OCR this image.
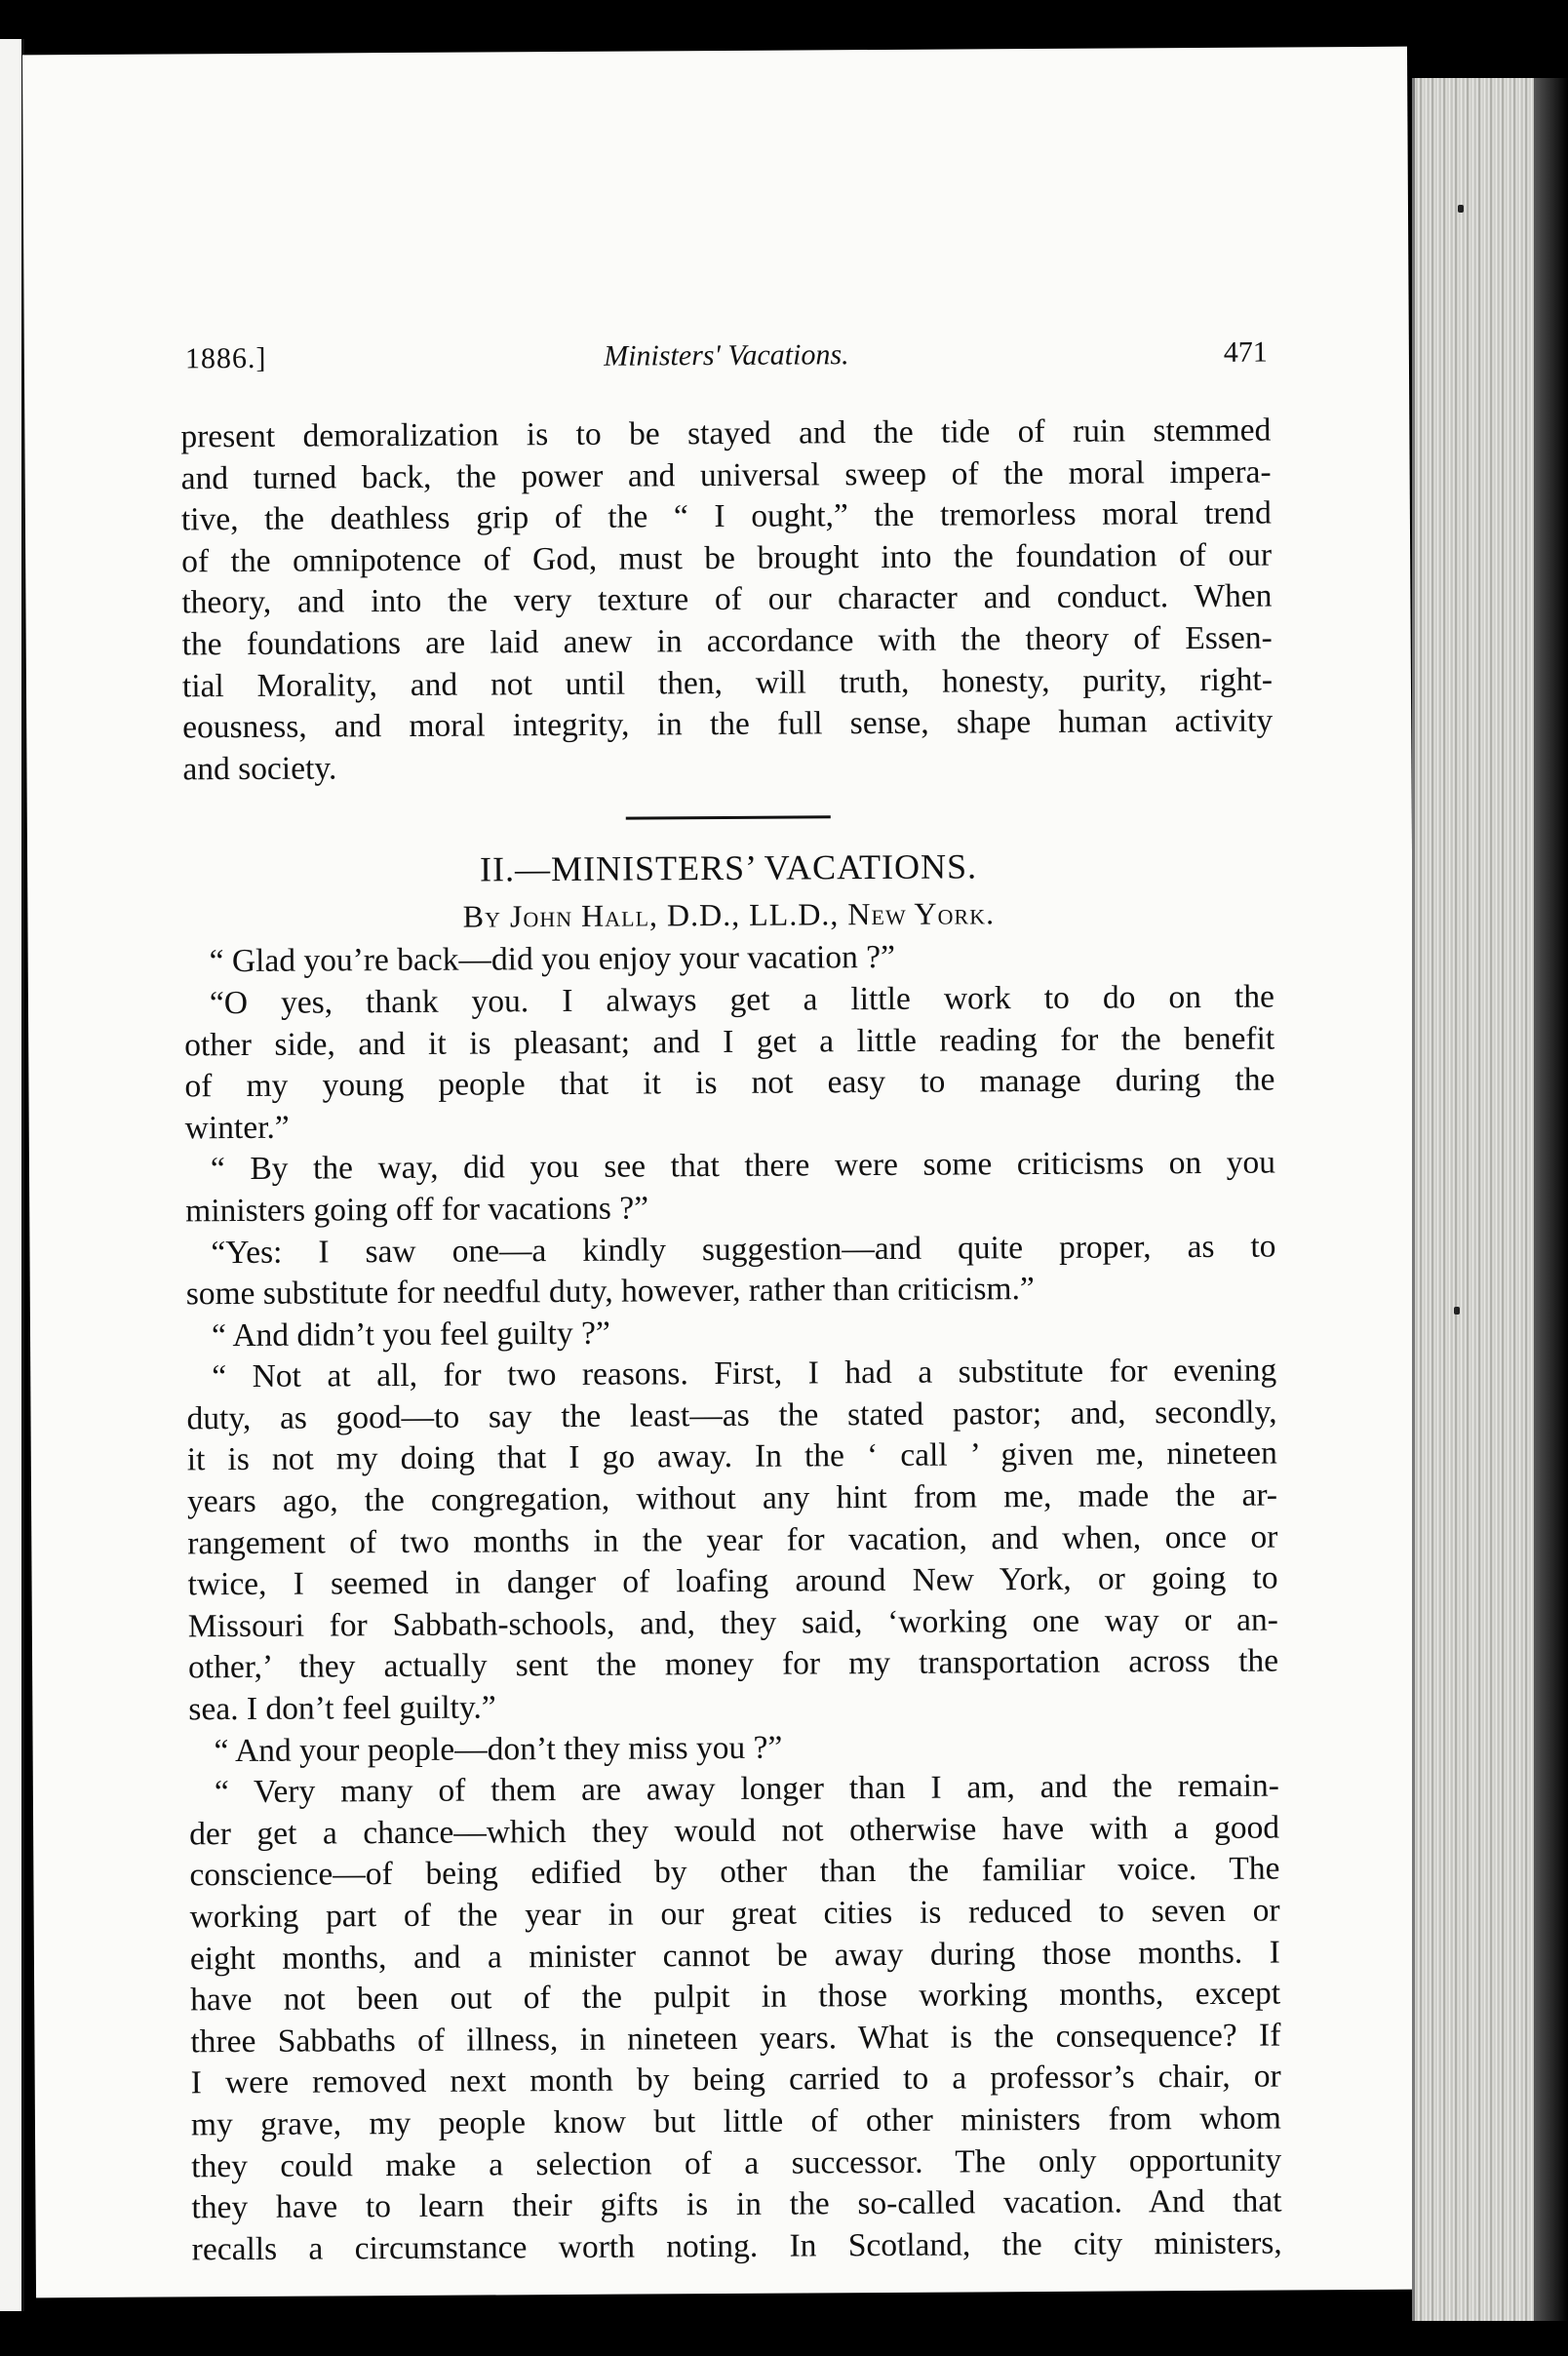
1886.]	Ministers' Vacations.	471
present demoralization is to be stayed and the tide of ruin stemmed
and turned back, the power and universal sweep of the moral impera-
tive, the deathless grip of the “ I ought,” the tremorless moral trend
of the omnipotence of God, must be brought into the foundation of our
theory, and into the very texture of our character and conduct. When
the foundations are laid anew in accordance with the theory of Essen-
tial Morality, and not until then, will truth, honesty, purity, right-
eousness, and moral integrity, in the full sense, shape human activity
and society.
II.—MINISTERS’ VACATIONS.
By John Hall, D.D., LL.D., New York.
“ Glad you’re back—did you enjoy your vacation ?”
“O yes, thank you. I always get a little work to do on the
other side, and it is pleasant; and I get a little reading for the benefit
of my young people that it is not easy to manage during the
winter.”
“ By the way, did you see that there were some criticisms on you
ministers going off for vacations ?”
“Yes: I saw one—a kindly suggestion—and quite proper, as to
some substitute for needful duty, however, rather than criticism.”
“ And didn’t you feel guilty ?”
“ Not at all, for two reasons. First, I had a substitute for evening
duty, as good—to say the least—as the stated pastor; and, secondly,
it is not my doing that I go away. In the ‘ call ’ given me, nineteen
years ago, the congregation, without any hint from me, made the ar-
rangement of two months in the year for vacation, and when, once or
twice, I seemed in danger of loafing around New York, or going to
Missouri for Sabbath-schools, and, they said, ‘working one way or an-
other,’ they actually sent the money for my transportation across the
sea. I don’t feel guilty.”
“ And your people—don’t they miss you ?”
“ Very many of them are away longer than I am, and the remain-
der get a chance—which they would not otherwise have with a good
conscience—of being edified by other than the familiar voice. The
working part of the year in our great cities is reduced to seven or
eight months, and a minister cannot be away during those months. I
have not been out of the pulpit in those working months, except
three Sabbaths of illness, in nineteen years. What is the consequence? If
I were removed next month by being carried to a professor’s chair, or
my grave, my people know but little of other ministers from whom
they could make a selection of a successor. The only opportunity
they have to learn their gifts is in the so-called vacation. And that
recalls a circumstance worth noting. In Scotland, the city ministers,
